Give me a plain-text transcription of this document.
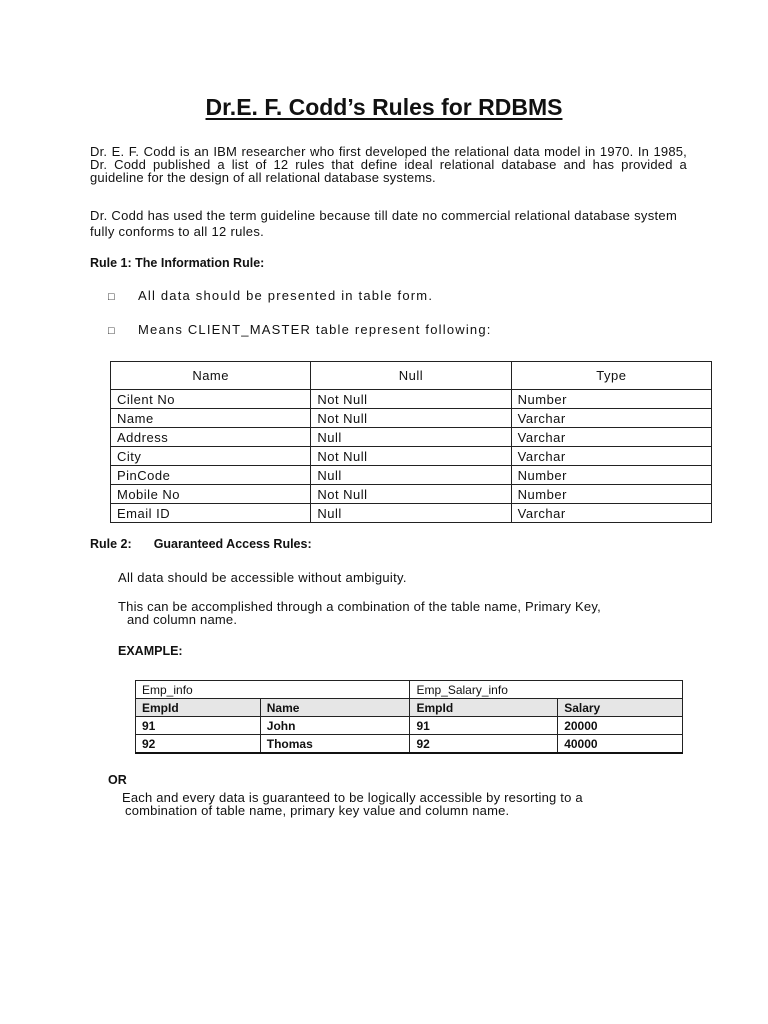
Dr.E. F. Codd’s Rules for RDBMS
Dr. E. F. Codd is an IBM researcher who first developed the relational data model in 1970. In 1985, Dr. Codd published a list of 12 rules that define ideal relational database and has provided a guideline for the design of all relational database systems.
Dr. Codd has used the term guideline because till date no commercial relational database system fully conforms to all 12 rules.
Rule 1: The Information Rule:
□ All data should be presented in table form.
□ Means CLIENT_MASTER table represent following:
Name	Null	Type
Cilent No	Not Null	Number
Name	Not Null	Varchar
Address	Null	Varchar
City	Not Null	Varchar
PinCode	Null	Number
Mobile No	Not Null	Number
Email ID	Null	Varchar
Rule 2: Guaranteed Access Rules:
All data should be accessible without ambiguity.
This can be accomplished through a combination of the table name, Primary Key,
and column name.
EXAMPLE:
Emp_info		Emp_Salary_info	
EmpId	Name	EmpId	Salary
91	John	91	20000
92	Thomas	92	40000
OR
Each and every data is guaranteed to be logically accessible by resorting to a
combination of table name, primary key value and column name.
